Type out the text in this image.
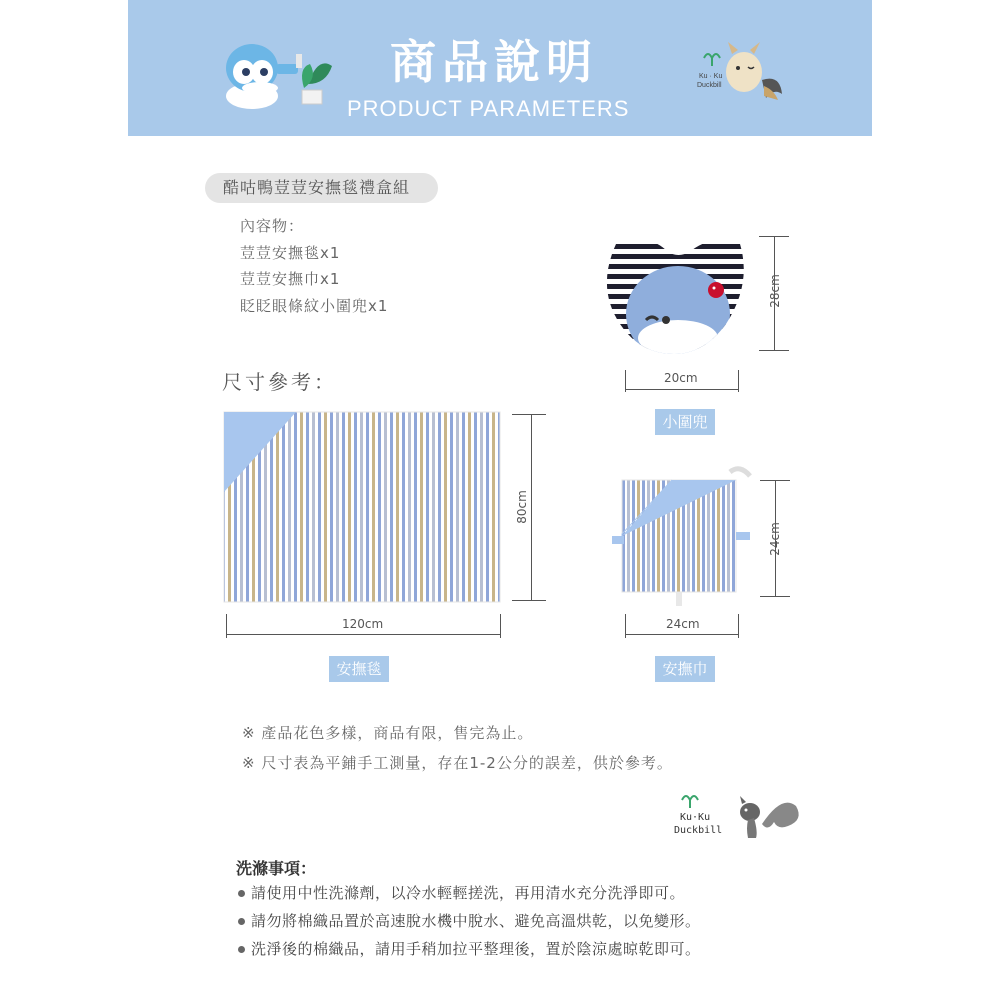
商品說明
PRODUCT PARAMETERS
Ku · Ku
Duckbill
酷咕鴨荳荳安撫毯禮盒組
內容物：
荳荳安撫毯x1
荳荳安撫巾x1
眨眨眼條紋小圍兜x1
尺寸參考：
28cm
20cm
小圍兜
80cm
120cm
安撫毯
24cm
24cm
安撫巾
※ 產品花色多樣，商品有限，售完為止。
※ 尺寸表為平鋪手工測量，存在1-2公分的誤差，供於參考。
Ku·Ku
Duckbill
洗滌事項：
請使用中性洗滌劑，以冷水輕輕搓洗，再用清水充分洗淨即可。
請勿將棉織品置於高速脫水機中脫水、避免高溫烘乾，以免變形。
洗淨後的棉織品，請用手稍加拉平整理後，置於陰涼處晾乾即可。
